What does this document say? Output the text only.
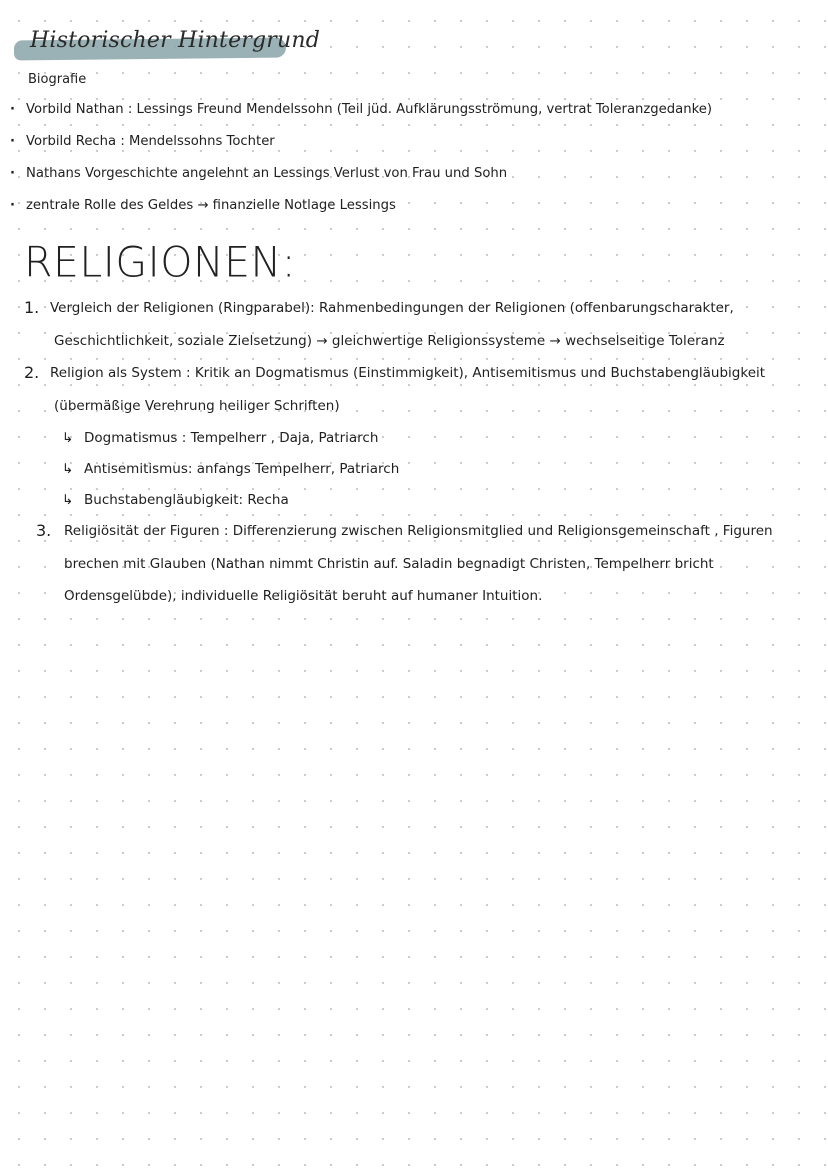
Historischer Hintergrund
Biografie
· Vorbild Nathan : Lessings Freund Mendelssohn (Teil jüd. Aufklärungsströmung, vertrat Toleranzgedanke)
· Vorbild Recha : Mendelssohns Tochter
· Nathans Vorgeschichte angelehnt an Lessings Verlust von Frau und Sohn
· zentrale Rolle des Geldes → finanzielle Notlage Lessings
RELIGIONEN:
1. Vergleich der Religionen (Ringparabel): Rahmenbedingungen der Religionen (offenbarungscharakter,
Geschichtlichkeit, soziale Zielsetzung) → gleichwertige Religionssysteme → wechselseitige Toleranz
2. Religion als System : Kritik an Dogmatismus (Einstimmigkeit), Antisemitismus und Buchstabengläubigkeit
(übermäßige Verehrung heiliger Schriften)
↳ Dogmatismus : Tempelherr , Daja, Patriarch
↳ Antisemitismus: anfangs Tempelherr, Patriarch
↳ Buchstabengläubigkeit: Recha
3. Religiösität der Figuren : Differenzierung zwischen Religionsmitglied und Religionsgemeinschaft , Figuren
brechen mit Glauben (Nathan nimmt Christin auf. Saladin begnadigt Christen, Tempelherr bricht
Ordensgelübde), individuelle Religiösität beruht auf humaner Intuition.
